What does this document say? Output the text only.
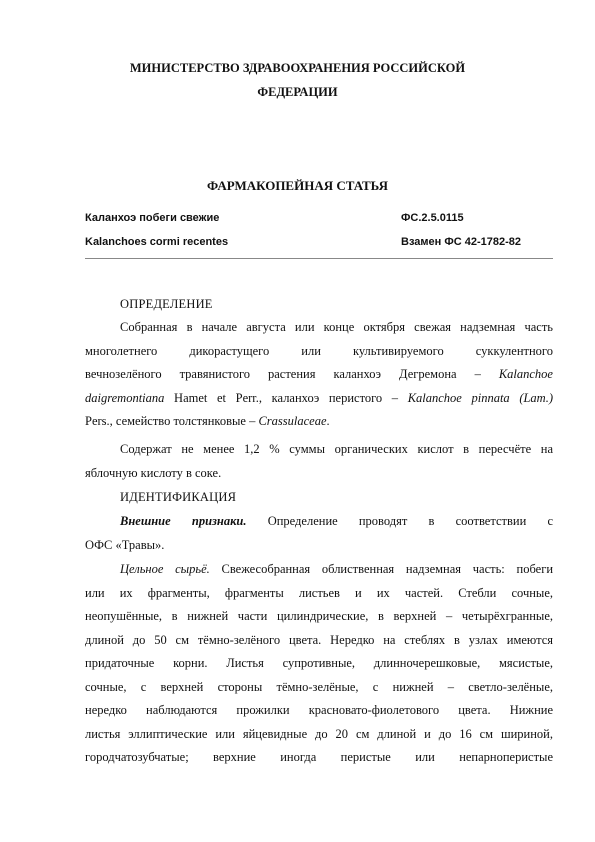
МИНИСТЕРСТВО ЗДРАВООХРАНЕНИЯ РОССИЙСКОЙ
ФЕДЕРАЦИИ
ФАРМАКОПЕЙНАЯ СТАТЬЯ
Каланхоэ побеги свежие	ФС.2.5.0115
Kalanchoes cormi recentes	Взамен ФС 42-1782-82
ОПРЕДЕЛЕНИЕ
Собранная в начале августа или конце октября свежая надземная часть
многолетнего дикорастущего или культивируемого суккулентного
вечнозелёного травянистого растения каланхоэ Дегремона – Kalanchoe
daigremontiana Hamet et Perr., каланхоэ перистого – Kalanchoe pinnata (Lam.)
Pers., семейство толстянковые – Crassulaceae.
Содержат не менее 1,2 % суммы органических кислот в пересчёте на
яблочную кислоту в соке.
ИДЕНТИФИКАЦИЯ
Внешние признаки. Определение проводят в соответствии с
ОФС «Травы».
Цельное сырьё. Свежесобранная облиственная надземная часть: побеги
или их фрагменты, фрагменты листьев и их частей. Стебли сочные,
неопушённые, в нижней части цилиндрические, в верхней – четырёхгранные,
длиной до 50 см тёмно-зелёного цвета. Нередко на стеблях в узлах имеются
придаточные корни. Листья супротивные, длинночерешковые, мясистые,
сочные, с верхней стороны тёмно-зелёные, с нижней – светло-зелёные,
нередко наблюдаются прожилки красновато-фиолетового цвета. Нижние
листья эллиптические или яйцевидные до 20 см длиной и до 16 см шириной,
городчатозубчатые; верхние иногда перистые или непарноперистые
